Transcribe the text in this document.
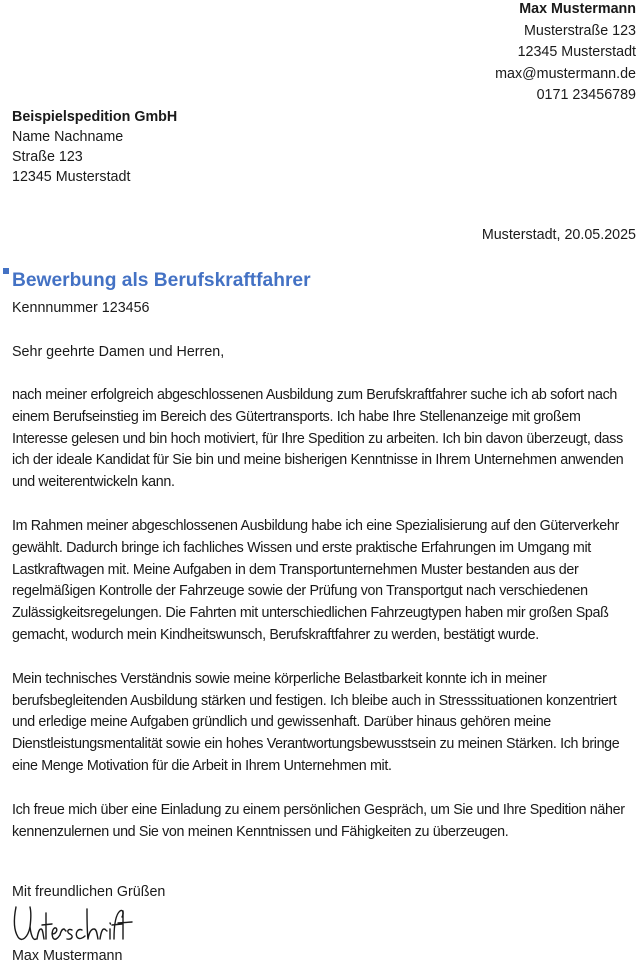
Max Mustermann
Musterstraße 123
12345 Musterstadt
max@mustermann.de
0171 23456789
Beispielspedition GmbH
Name Nachname
Straße 123
12345 Musterstadt
Musterstadt, 20.05.2025
Bewerbung als Berufskraftfahrer
Kennnummer 123456
Sehr geehrte Damen und Herren,

nach meiner erfolgreich abgeschlossenen Ausbildung zum Berufskraftfahrer suche ich ab sofort nach einem Berufseinstieg im Bereich des Gütertransports. Ich habe Ihre Stellenanzeige mit großem Interesse gelesen und bin hoch motiviert, für Ihre Spedition zu arbeiten. Ich bin davon überzeugt, dass ich der ideale Kandidat für Sie bin und meine bisherigen Kenntnisse in Ihrem Unternehmen anwenden und weiterentwickeln kann.

Im Rahmen meiner abgeschlossenen Ausbildung habe ich eine Spezialisierung auf den Güterverkehr gewählt. Dadurch bringe ich fachliches Wissen und erste praktische Erfahrungen im Umgang mit Lastkraftwagen mit. Meine Aufgaben in dem Transportunternehmen Muster bestanden aus der regelmäßigen Kontrolle der Fahrzeuge sowie der Prüfung von Transportgut nach verschiedenen Zulässigkeitsregelungen. Die Fahrten mit unterschiedlichen Fahrzeugtypen haben mir großen Spaß gemacht, wodurch mein Kindheitswunsch, Berufskraftfahrer zu werden, bestätigt wurde.

Mein technisches Verständnis sowie meine körperliche Belastbarkeit konnte ich in meiner berufsbegleitenden Ausbildung stärken und festigen. Ich bleibe auch in Stresssituationen konzentriert und erledige meine Aufgaben gründlich und gewissenhaft. Darüber hinaus gehören meine Dienstleistungsmentalität sowie ein hohes Verantwortungsbewusstsein zu meinen Stärken. Ich bringe eine Menge Motivation für die Arbeit in Ihrem Unternehmen mit.

Ich freue mich über eine Einladung zu einem persönlichen Gespräch, um Sie und Ihre Spedition näher kennenzulernen und Sie von meinen Kenntnissen und Fähigkeiten zu überzeugen.

Mit freundlichen Grüßen
Max Mustermann
